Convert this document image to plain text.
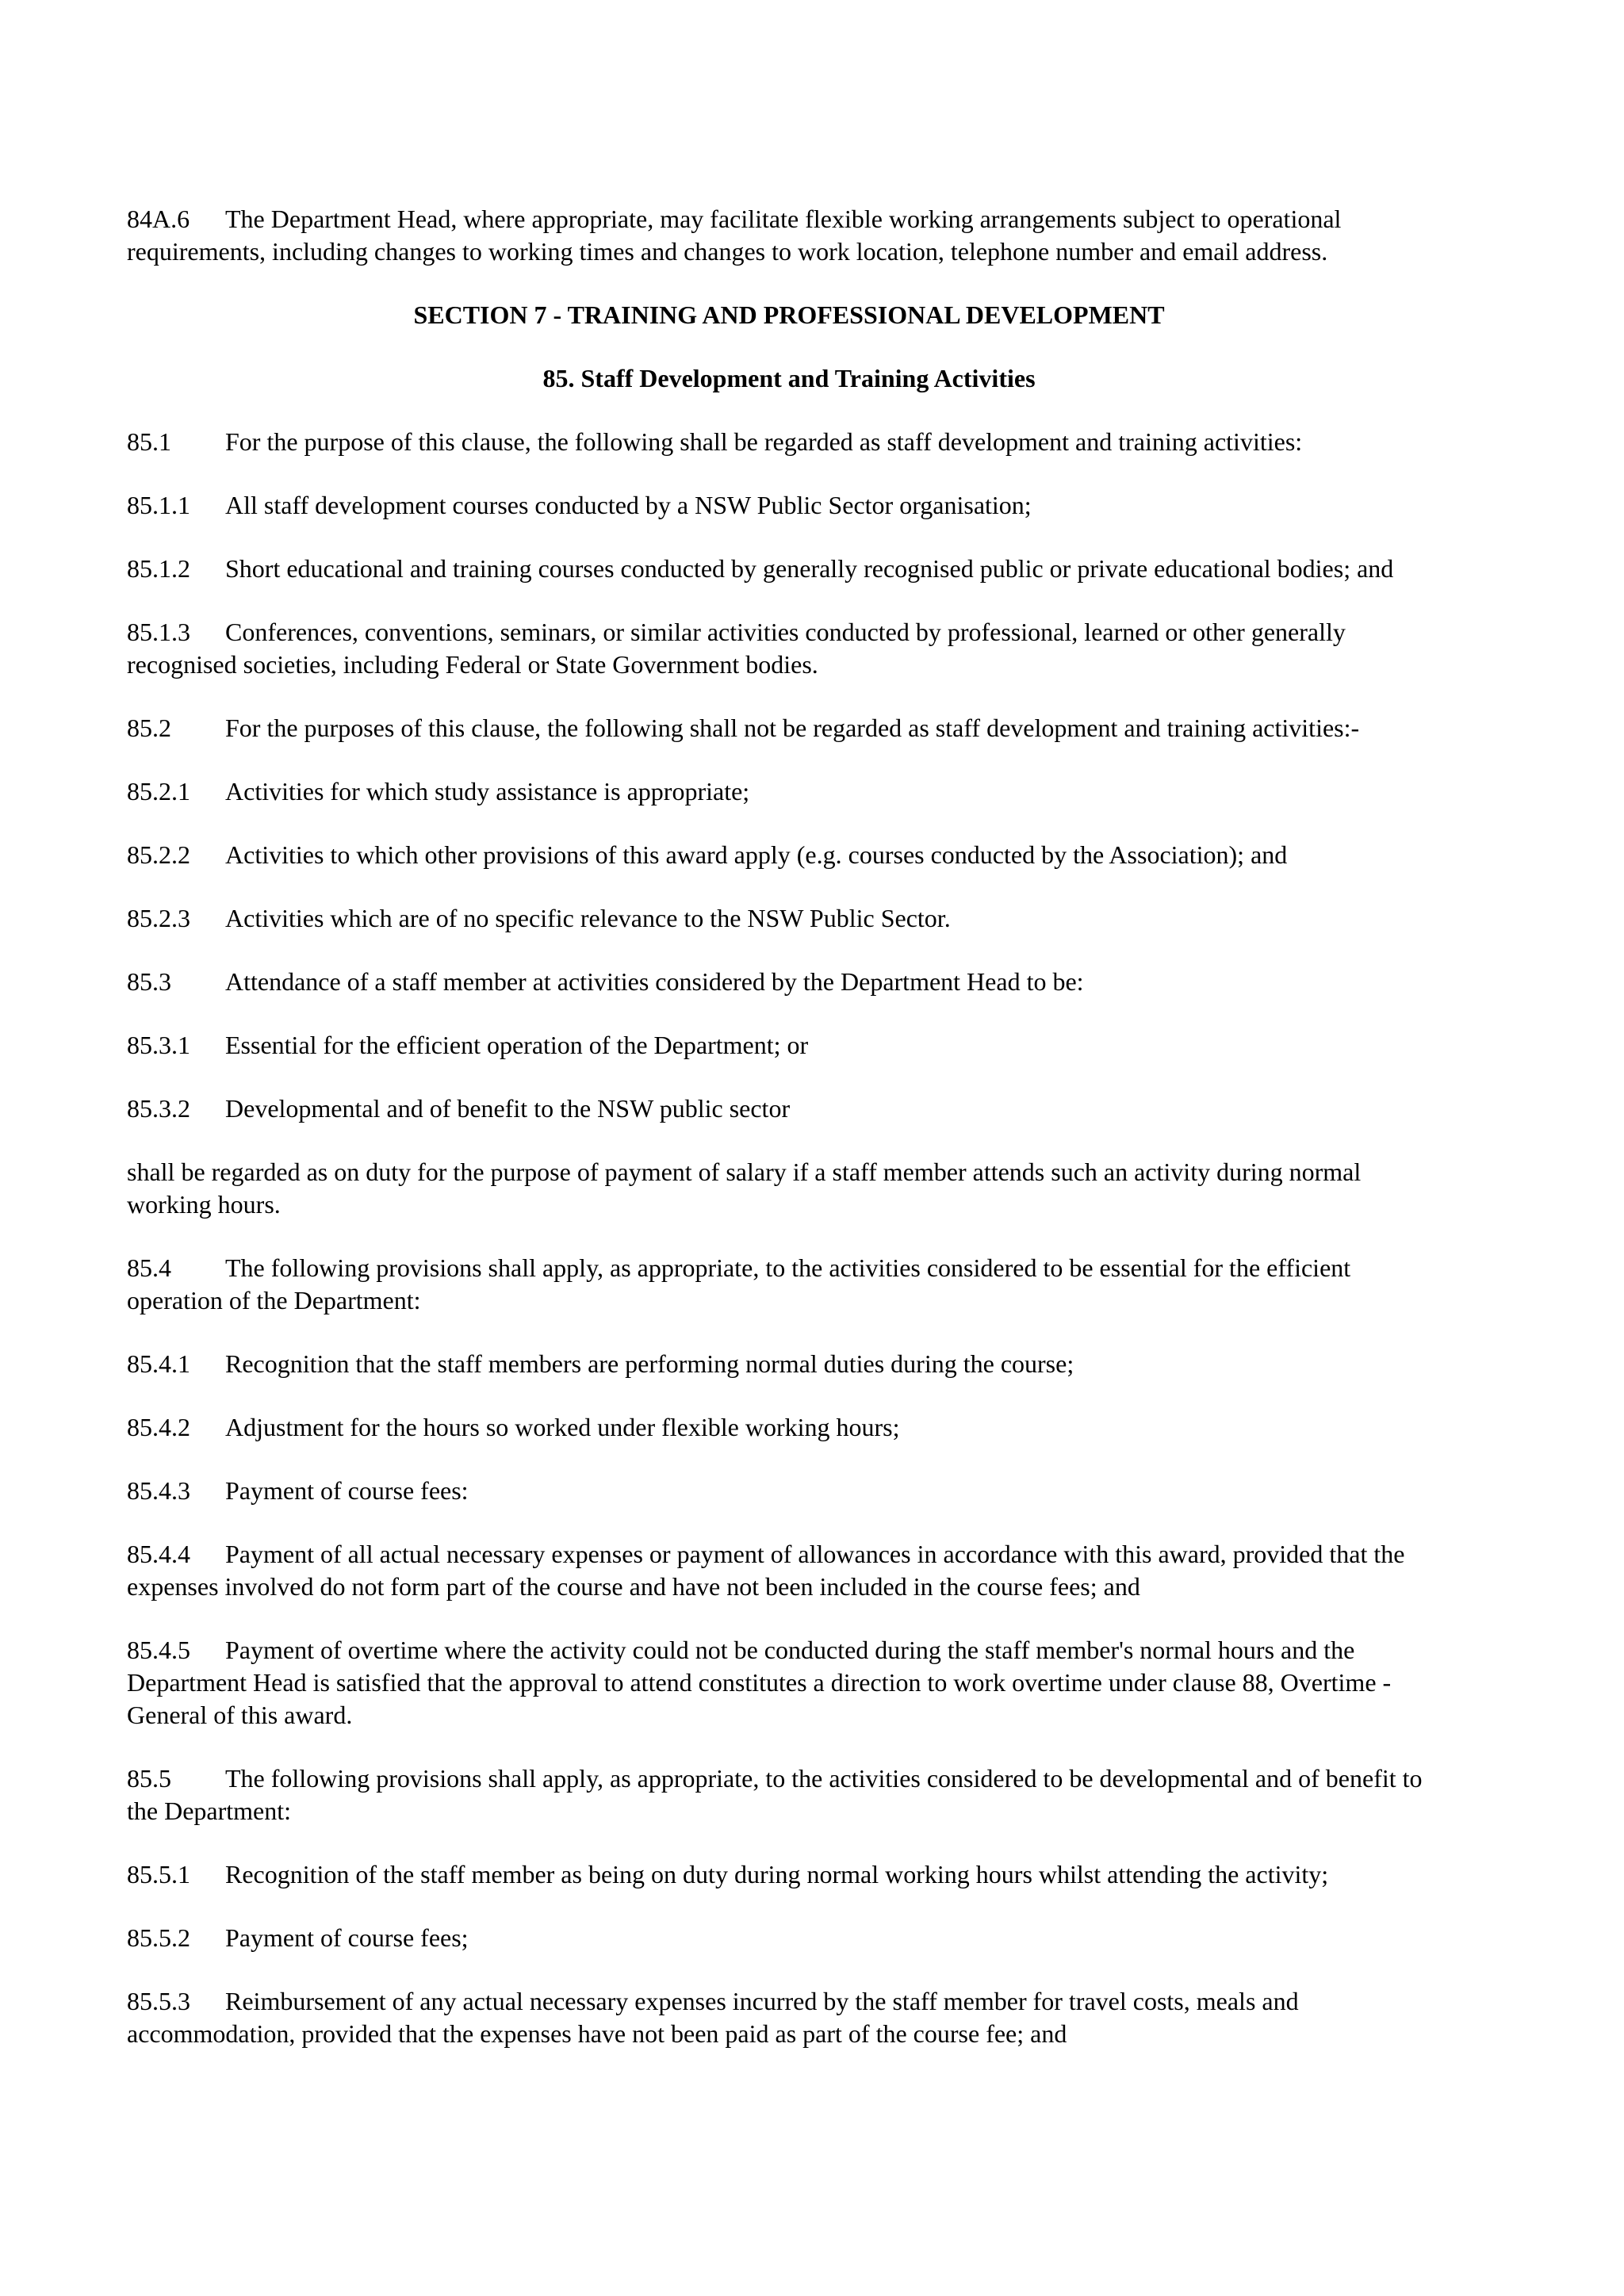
84A.6 The Department Head, where appropriate, may facilitate flexible working arrangements subject to operational requirements, including changes to working times and changes to work location, telephone number and email address.

SECTION 7 - TRAINING AND PROFESSIONAL DEVELOPMENT

85. Staff Development and Training Activities

85.1 For the purpose of this clause, the following shall be regarded as staff development and training activities:

85.1.1 All staff development courses conducted by a NSW Public Sector organisation;

85.1.2 Short educational and training courses conducted by generally recognised public or private educational bodies; and

85.1.3 Conferences, conventions, seminars, or similar activities conducted by professional, learned or other generally recognised societies, including Federal or State Government bodies.

85.2 For the purposes of this clause, the following shall not be regarded as staff development and training activities:-

85.2.1 Activities for which study assistance is appropriate;

85.2.2 Activities to which other provisions of this award apply (e.g. courses conducted by the Association); and

85.2.3 Activities which are of no specific relevance to the NSW Public Sector.

85.3 Attendance of a staff member at activities considered by the Department Head to be:

85.3.1 Essential for the efficient operation of the Department; or

85.3.2 Developmental and of benefit to the NSW public sector

shall be regarded as on duty for the purpose of payment of salary if a staff member attends such an activity during normal working hours.

85.4 The following provisions shall apply, as appropriate, to the activities considered to be essential for the efficient operation of the Department:

85.4.1 Recognition that the staff members are performing normal duties during the course;

85.4.2 Adjustment for the hours so worked under flexible working hours;

85.4.3 Payment of course fees:

85.4.4 Payment of all actual necessary expenses or payment of allowances in accordance with this award, provided that the expenses involved do not form part of the course and have not been included in the course fees; and

85.4.5 Payment of overtime where the activity could not be conducted during the staff member's normal hours and the Department Head is satisfied that the approval to attend constitutes a direction to work overtime under clause 88, Overtime - General of this award.

85.5 The following provisions shall apply, as appropriate, to the activities considered to be developmental and of benefit to the Department:

85.5.1 Recognition of the staff member as being on duty during normal working hours whilst attending the activity;

85.5.2 Payment of course fees;

85.5.3 Reimbursement of any actual necessary expenses incurred by the staff member for travel costs, meals and accommodation, provided that the expenses have not been paid as part of the course fee; and
